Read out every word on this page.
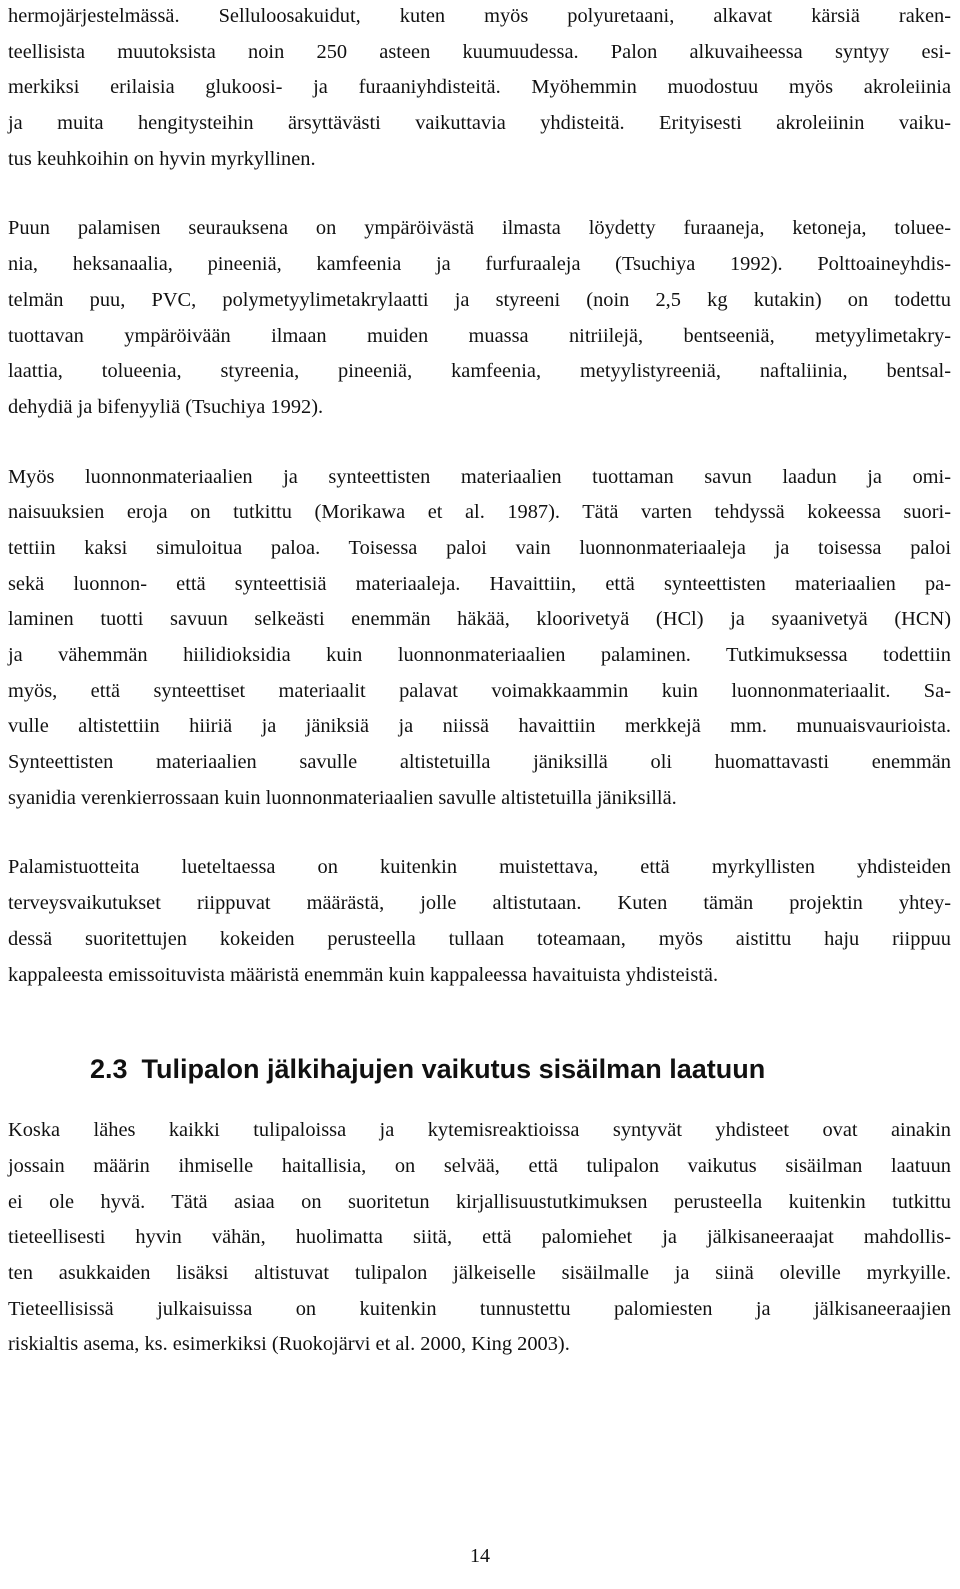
hermojärjestelmässä. Selluloosakuidut, kuten myös polyuretaani, alkavat kärsiä raken-
teellisista muutoksista noin 250 asteen kuumuudessa. Palon alkuvaiheessa syntyy esi-
merkiksi erilaisia glukoosi- ja furaaniyhdisteitä. Myöhemmin muodostuu myös akroleiinia
ja muita hengitysteihin ärsyttävästi vaikuttavia yhdisteitä. Erityisesti akroleiinin vaiku-
tus keuhkoihin on hyvin myrkyllinen.
Puun palamisen seurauksena on ympäröivästä ilmasta löydetty furaaneja, ketoneja, tolueе-
nia, heksanaalia, pineeniä, kamfeenia ja furfuraaleja (Tsuchiya 1992). Polttoaineyhdis-
telmän puu, PVC, polymetyylimetakrylaatti ja styreeni (noin 2,5 kg kutakin) on todettu
tuottavan ympäröivään ilmaan muiden muassa nitriilejä, bentseeniä, metyylimetakry-
laattia, tolueenia, styreenia, pineeniä, kamfeenia, metyylistyreeniä, naftaliinia, bentsal-
dehydiä ja bifenyyliä (Tsuchiya 1992).
Myös luonnonmateriaalien ja synteettisten materiaalien tuottaman savun laadun ja omi-
naisuuksien eroja on tutkittu (Morikawa et al. 1987). Tätä varten tehdyssä kokeessa suori-
tettiin kaksi simuloitua paloa. Toisessa paloi vain luonnonmateriaaleja ja toisessa paloi
sekä luonnon- että synteettisiä materiaaleja. Havaittiin, että synteettisten materiaalien pa-
laminen tuotti savuun selkeästi enemmän häkää, kloorivetyä (HCl) ja syaanivetyä (HCN)
ja vähemmän hiilidioksidia kuin luonnonmateriaalien palaminen. Tutkimuksessa todettiin
myös, että synteettiset materiaalit palavat voimakkaammin kuin luonnonmateriaalit. Sa-
vulle altistettiin hiiriä ja jäniksiä ja niissä havaittiin merkkejä mm. munuaisvaurioista.
Synteettisten materiaalien savulle altistetuilla jäniksillä oli huomattavasti enemmän
syanidia verenkierrossaan kuin luonnonmateriaalien savulle altistetuilla jäniksillä.
Palamistuotteita lueteltaessa on kuitenkin muistettava, että myrkyllisten yhdisteiden
terveysvaikutukset riippuvat määrästä, jolle altistutaan. Kuten tämän projektin yhtey-
dessä suoritettujen kokeiden perusteella tullaan toteamaan, myös aistittu haju riippuu
kappaleesta emissoituvista määristä enemmän kuin kappaleessa havaituista yhdisteistä.
2.3 Tulipalon jälkihajujen vaikutus sisäilman laatuun
Koska lähes kaikki tulipaloissa ja kytemisreaktioissa syntyvät yhdisteet ovat ainakin
jossain määrin ihmiselle haitallisia, on selvää, että tulipalon vaikutus sisäilman laatuun
ei ole hyvä. Tätä asiaa on suoritetun kirjallisuustutkimuksen perusteella kuitenkin tutkittu
tieteellisesti hyvin vähän, huolimatta siitä, että palomiehet ja jälkisaneeraajat mahdollis-
ten asukkaiden lisäksi altistuvat tulipalon jälkeiselle sisäilmalle ja siinä oleville myrkyille.
Tieteellisissä julkaisuissa on kuitenkin tunnustettu palomiesten ja jälkisaneeraajien
riskialtis asema, ks. esimerkiksi (Ruokojärvi et al. 2000, King 2003).
14
